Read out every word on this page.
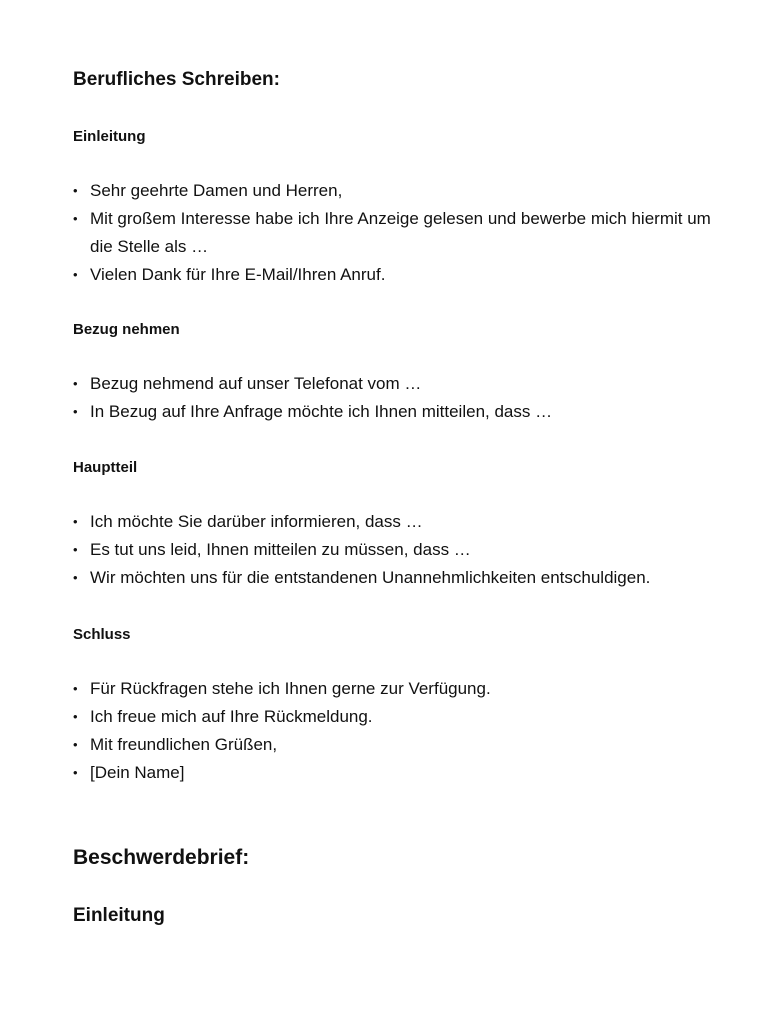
Berufliches Schreiben:
Einleitung
• Sehr geehrte Damen und Herren,
• Mit großem Interesse habe ich Ihre Anzeige gelesen und bewerbe mich hiermit um die Stelle als …
• Vielen Dank für Ihre E-Mail/Ihren Anruf.
Bezug nehmen
• Bezug nehmend auf unser Telefonat vom …
• In Bezug auf Ihre Anfrage möchte ich Ihnen mitteilen, dass …
Hauptteil
• Ich möchte Sie darüber informieren, dass …
• Es tut uns leid, Ihnen mitteilen zu müssen, dass …
• Wir möchten uns für die entstandenen Unannehmlichkeiten entschuldigen.
Schluss
• Für Rückfragen stehe ich Ihnen gerne zur Verfügung.
• Ich freue mich auf Ihre Rückmeldung.
• Mit freundlichen Grüßen,
• [Dein Name]
Beschwerdebrief:
Einleitung
